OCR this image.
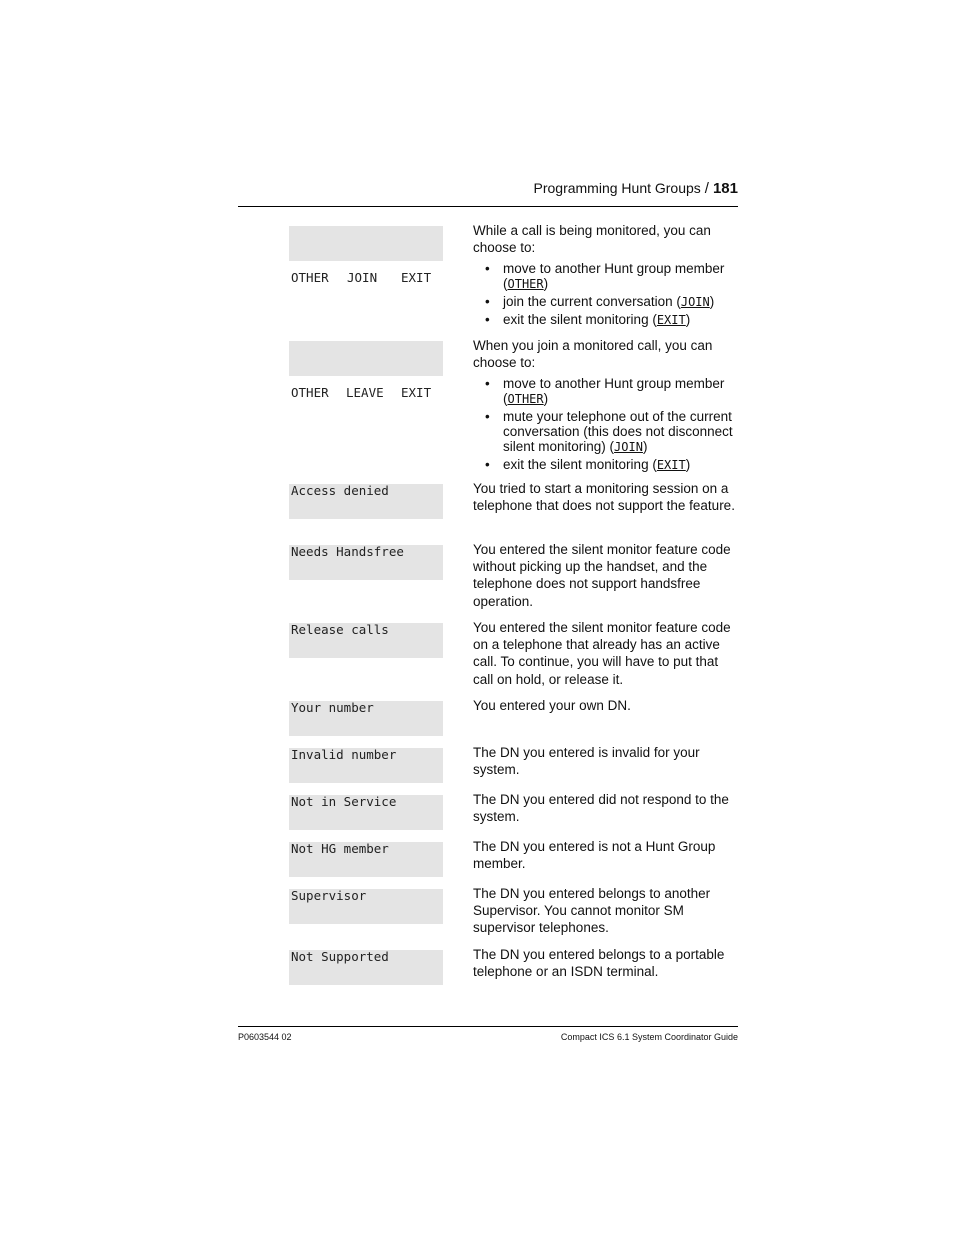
Programming Hunt Groups / 181

OTHER JOIN EXIT

While a call is being monitored, you can choose to:
• move to another Hunt group member (OTHER)
• join the current conversation (JOIN)
• exit the silent monitoring (EXIT)

OTHER LEAVE EXIT

When you join a monitored call, you can choose to:
• move to another Hunt group member (OTHER)
• mute your telephone out of the current conversation (this does not disconnect silent monitoring) (JOIN)
• exit the silent monitoring (EXIT)
Access denied	You tried to start a monitoring session on a telephone that does not support the feature.
Needs Handsfree	You entered the silent monitor feature code without picking up the handset, and the telephone does not support handsfree operation.
Release calls	You entered the silent monitor feature code on a telephone that already has an active call. To continue, you will have to put that call on hold, or release it.
Your number	You entered your own DN.
Invalid number	The DN you entered is invalid for your system.
Not in Service	The DN you entered did not respond to the system.
Not HG member	The DN you entered is not a Hunt Group member.
Supervisor	The DN you entered belongs to another Supervisor. You cannot monitor SM supervisor telephones.
Not Supported	The DN you entered belongs to a portable telephone or an ISDN terminal.
P0603544 02	Compact ICS 6.1 System Coordinator Guide
